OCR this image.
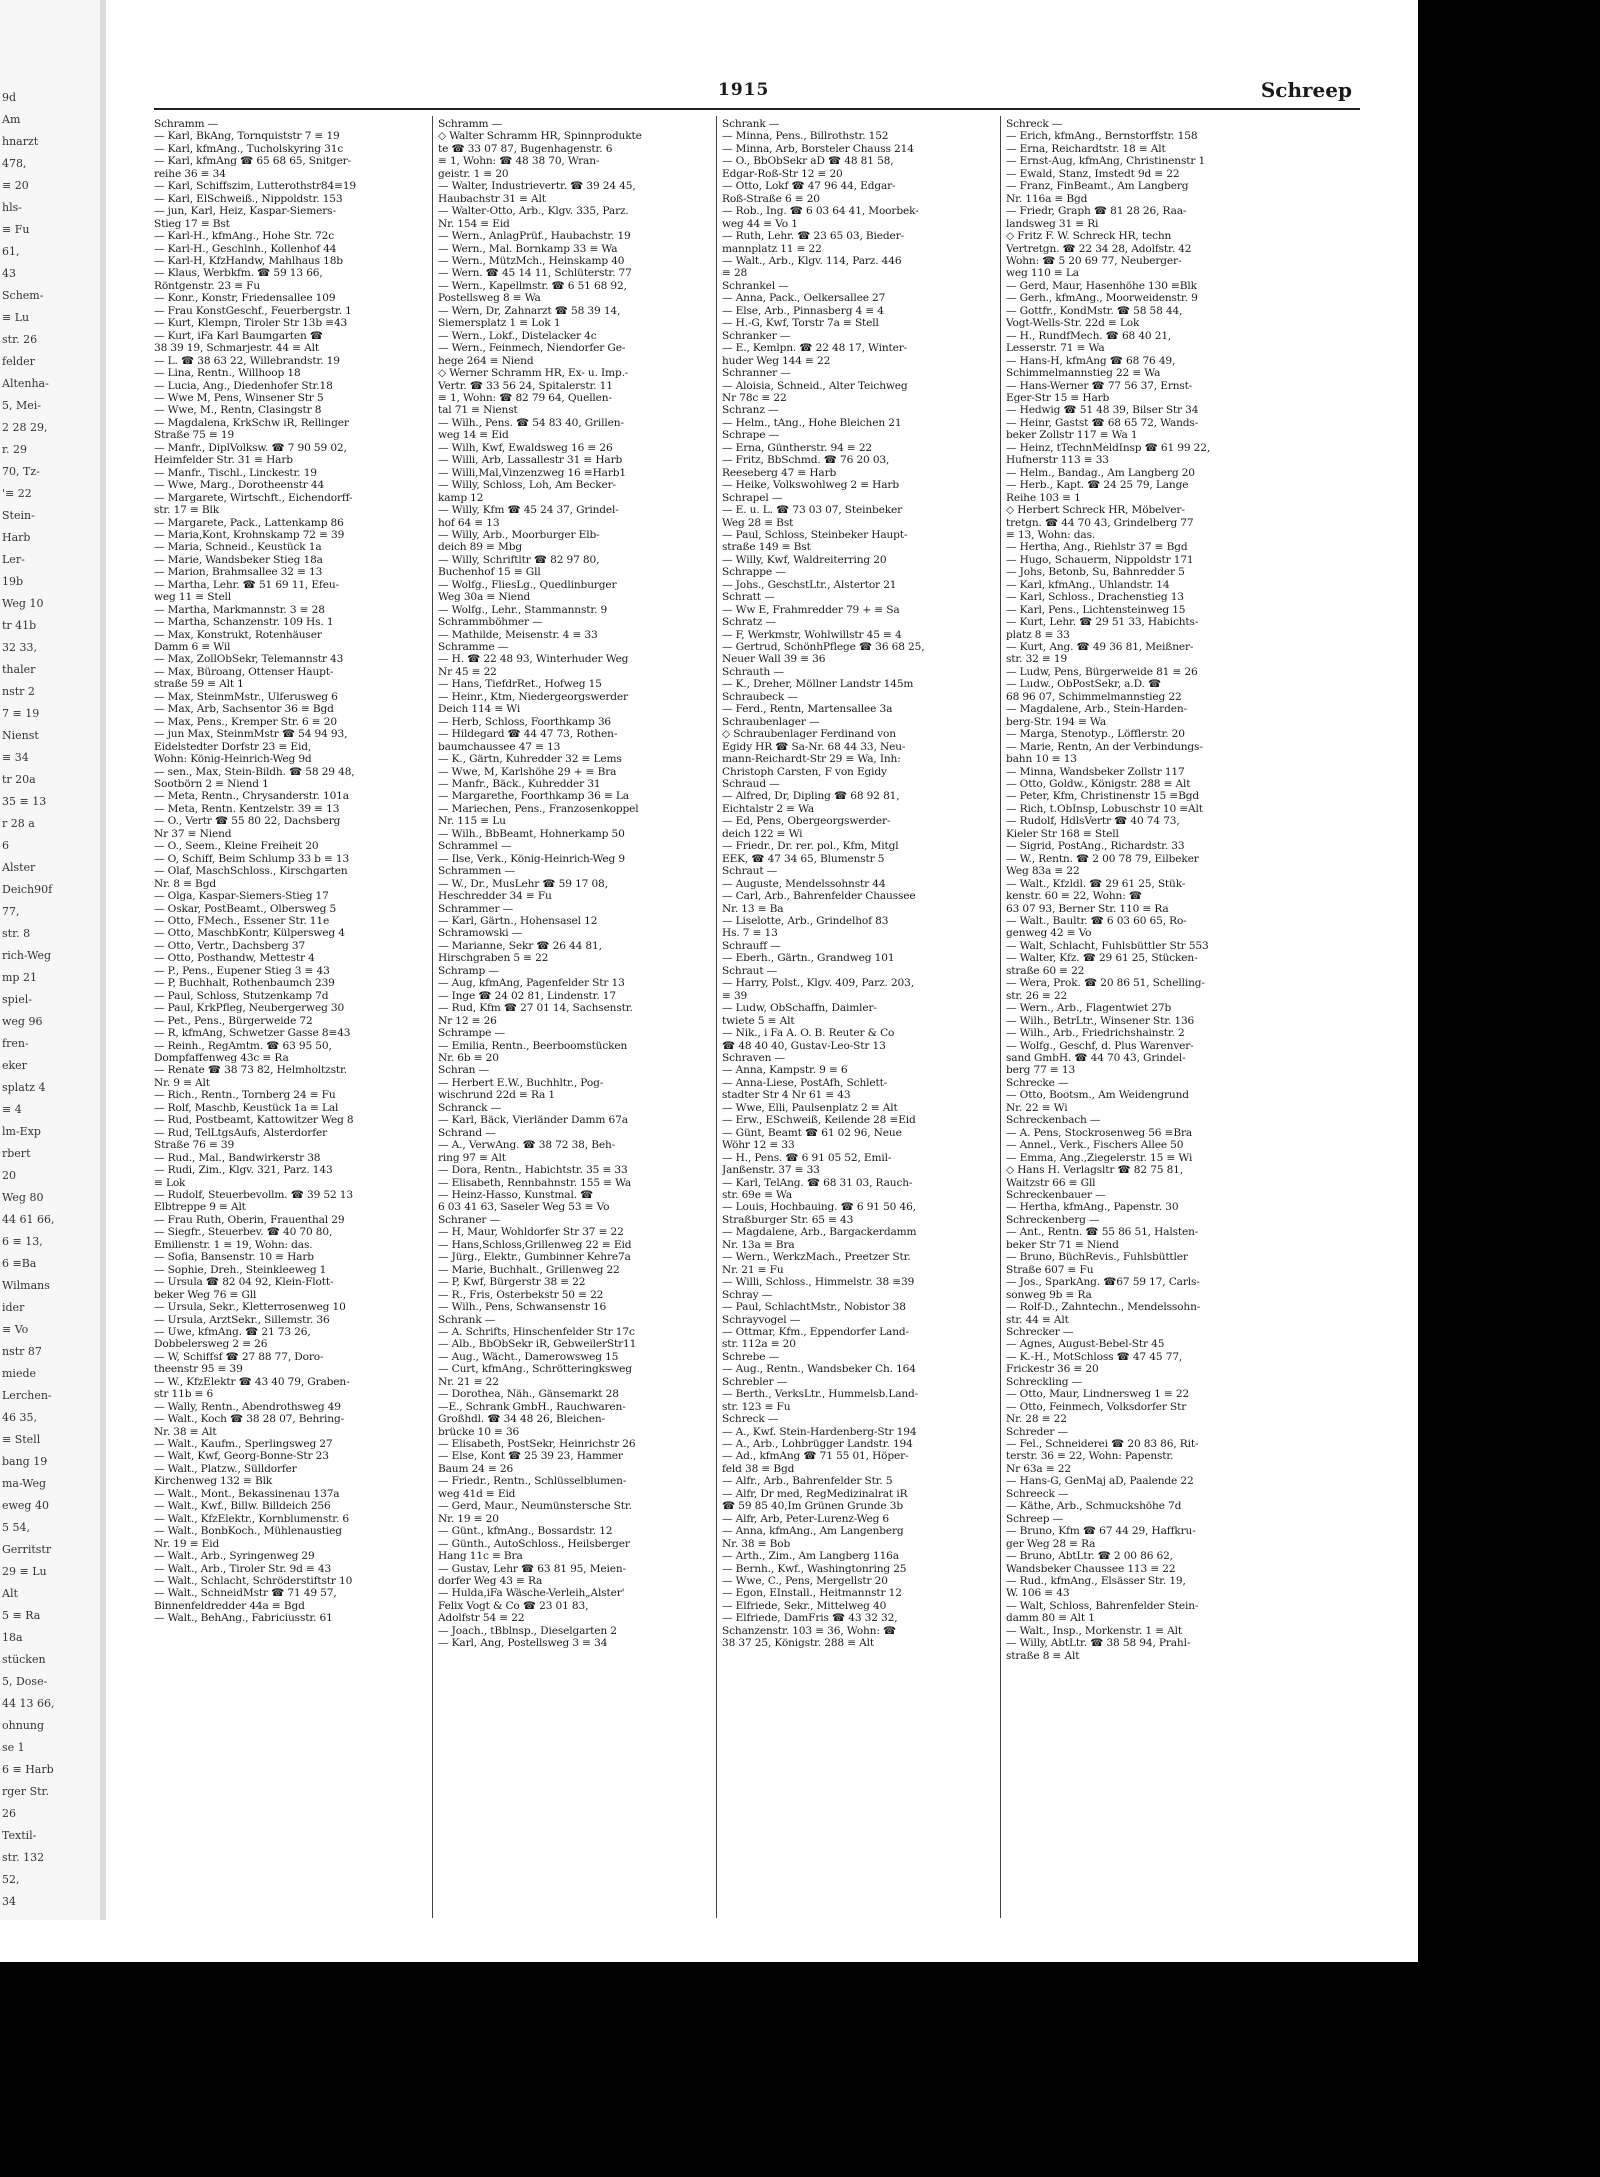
9d
Am
hnarzt
478,
≡ 20
hls-
≡ Fu
61,
43
Schem-
≡ Lu
str. 26
felder
Altenha-
5, Mei-
2 28 29,
r. 29
70, Tz-
'≡ 22
Stein-
Harb
Ler-
19b
Weg 10
tr 41b
32 33,
thaler
nstr 2
7 ≡ 19
Nienst
≡ 34
tr 20a
35 ≡ 13
r 28 a
6
Alster
Deich90f
77,
str. 8
rich-Weg
mp 21
spiel-
weg 96
fren-
eker
splatz 4
≡ 4
lm-Exp
rbert
20
Weg 80
44 61 66,
6 ≡ 13,
6 ≡Ba
Wilmans
ider
≡ Vo
nstr 87
miede
Lerchen-
46 35,
≡ Stell
bang 19
ma-Weg
eweg 40
5 54,
Gerritstr
29 ≡ Lu
Alt
5 ≡ Ra
18a
stücken
5, Dose-
44 13 66,
ohnung
se 1
6 ≡ Harb
rger Str.
26
Textil-
str. 132
52,
34
1915	Schreep
Schramm —
— Karl, BkAng, Tornquiststr 7 ≡ 19
— Karl, kfmAng., Tucholskyring 31c
— Karl, kfmAng ☎ 65 68 65, Snitger-
reihe 36 ≡ 34
— Karl, Schiffszim, Lutterothstr84≡19
— Karl, ElSchweiß., Nippoldstr. 153
— jun, Karl, Heiz, Kaspar-Siemers-
Stieg 17 ≡ Bst
— Karl-H., kfmAng., Hohe Str. 72c
— Karl-H., Geschlnh., Kollenhof 44
— Karl-H, KfzHandw, Mahlhaus 18b
— Klaus, Werbkfm. ☎ 59 13 66,
Röntgenstr. 23 ≡ Fu
— Konr., Konstr, Friedensallee 109
— Frau KonstGeschf., Feuerbergstr. 1
— Kurt, Klempn, Tiroler Str 13b ≡43
— Kurt, iFa Karl Baumgarten ☎
38 39 19, Schmarjestr. 44 ≡ Alt
— L. ☎ 38 63 22, Willebrandstr. 19
— Lina, Rentn., Willhoop 18
— Lucia, Ang., Diedenhofer Str.18
— Wwe M, Pens, Winsener Str 5
— Wwe, M., Rentn, Clasingstr 8
— Magdalena, KrkSchw iR, Rellinger
Straße 75 ≡ 19
— Manfr., DiplVolksw. ☎ 7 90 59 02,
Heimfelder Str. 31 ≡ Harb
— Manfr., Tischl., Linckestr. 19
— Wwe, Marg., Dorotheenstr 44
— Margarete, Wirtschft., Eichendorff-
str. 17 ≡ Blk
— Margarete, Pack., Lattenkamp 86
— Maria,Kont, Krohnskamp 72 ≡ 39
— Maria, Schneid., Keustück 1a
— Marie, Wandsbeker Stieg 18a
— Marion, Brahmsallee 32 ≡ 13
— Martha, Lehr. ☎ 51 69 11, Efeu-
weg 11 ≡ Stell
— Martha, Markmannstr. 3 ≡ 28
— Martha, Schanzenstr. 109 Hs. 1
— Max, Konstrukt, Rotenhäuser
Damm 6 ≡ Wil
— Max, ZollObSekr, Telemannstr 43
— Max, Büroang, Ottenser Haupt-
straße 59 ≡ Alt 1
— Max, SteinmMstr., Ulferusweg 6
— Max, Arb, Sachsentor 36 ≡ Bgd
— Max, Pens., Kremper Str. 6 ≡ 20
— jun Max, SteinmMstr ☎ 54 94 93,
Eidelstedter Dorfstr 23 ≡ Eid,
Wohn: König-Heinrich-Weg 9d
— sen., Max, Stein-Bildh. ☎ 58 29 48,
Sootbörn 2 ≡ Niend 1
— Meta, Rentn., Chrysanderstr. 101a
— Meta, Rentn. Kentzelstr. 39 ≡ 13
— O., Vertr ☎ 55 80 22, Dachsberg
Nr 37 ≡ Niend
— O., Seem., Kleine Freiheit 20
— O, Schiff, Beim Schlump 33 b ≡ 13
— Olaf, MaschSchloss., Kirschgarten
Nr. 8 ≡ Bgd
— Olga, Kaspar-Siemers-Stieg 17
— Oskar, PostBeamt., Olbersweg 5
— Otto, FMech., Essener Str. 11e
— Otto, MaschbKontr, Külpersweg 4
— Otto, Vertr., Dachsberg 37
— Otto, Posthandw, Mettestr 4
— P., Pens., Eupener Stieg 3 ≡ 43
— P, Buchhalt, Rothenbaumch 239
— Paul, Schloss, Stutzenkamp 7d
— Paul, KrkPfleg, Neubergerweg 30
— Pet., Pens., Bürgerweide 72
— R, kfmAng, Schwetzer Gasse 8≡43
— Reinh., RegAmtm. ☎ 63 95 50,
Dompfaffenweg 43c ≡ Ra
— Renate ☎ 38 73 82, Helmholtzstr.
Nr. 9 ≡ Alt
— Rich., Rentn., Tornberg 24 ≡ Fu
— Rolf, Maschb, Keustück 1a ≡ Lal
— Rud, Postbeamt, Kattowitzer Weg 8
— Rud, TelLtgsAufs, Alsterdorfer
Straße 76 ≡ 39
— Rud., Mal., Bandwirkerstr 38
— Rudi, Zim., Klgv. 321, Parz. 143
≡ Lok
— Rudolf, Steuerbevollm. ☎ 39 52 13
Elbtreppe 9 ≡ Alt
— Frau Ruth, Oberin, Frauenthal 29
— Siegfr., Steuerbev. ☎ 40 70 80,
Emilienstr. 1 ≡ 19, Wohn: das.
— Sofia, Bansenstr. 10 ≡ Harb
— Sophie, Dreh., Steinkleeweg 1
— Ursula ☎ 82 04 92, Klein-Flott-
beker Weg 76 ≡ Gll
— Ursula, Sekr., Kletterrosenweg 10
— Ursula, ArztSekr., Sillemstr. 36
— Uwe, kfmAng. ☎ 21 73 26,
Dobbelersweg 2 ≡ 26
— W, Schiffsf ☎ 27 88 77, Doro-
theenstr 95 ≡ 39
— W., KfzElektr ☎ 43 40 79, Graben-
str 11b ≡ 6
— Wally, Rentn., Abendrothsweg 49
— Walt., Koch ☎ 38 28 07, Behring-
Nr. 38 ≡ Alt
— Walt., Kaufm., Sperlingsweg 27
— Walt, Kwf, Georg-Bonne-Str 23
— Walt., Platzw., Sülldorfer
Kirchenweg 132 ≡ Blk
— Walt., Mont., Bekassinenau 137a
— Walt., Kwf., Billw. Billdeich 256
— Walt., KfzElektr., Kornblumenstr. 6
— Walt., BonbKoch., Mühlenaustieg
Nr. 19 ≡ Eid
— Walt., Arb., Syringenweg 29
— Walt., Arb., Tiroler Str. 9d ≡ 43
— Walt., Schlacht, Schröderstiftstr 10
— Walt., SchneidMstr ☎ 71 49 57,
Binnenfeldredder 44a ≡ Bgd
— Walt., BehAng., Fabriciusstr. 61
Schramm —
◇ Walter Schramm HR, Spinnprodukte
te ☎ 33 07 87, Bugenhagenstr. 6
≡ 1, Wohn: ☎ 48 38 70, Wran-
geistr. 1 ≡ 20
— Walter, Industrievertr. ☎ 39 24 45,
Haubachstr 31 ≡ Alt
— Walter-Otto, Arb., Klgv. 335, Parz.
Nr. 154 ≡ Eid
— Wern., AnlagPrüf., Haubachstr. 19
— Wern., Mal. Bornkamp 33 ≡ Wa
— Wern., MützMch., Heinskamp 40
— Wern. ☎ 45 14 11, Schlüterstr. 77
— Wern., Kapellmstr. ☎ 6 51 68 92,
Postellsweg 8 ≡ Wa
— Wern, Dr, Zahnarzt ☎ 58 39 14,
Siemersplatz 1 ≡ Lok 1
— Wern., Lokf., Distelacker 4c
— Wern., Feinmech, Niendorfer Ge-
hege 264 ≡ Niend
◇ Werner Schramm HR, Ex- u. Imp.-
Vertr. ☎ 33 56 24, Spitalerstr. 11
≡ 1, Wohn: ☎ 82 79 64, Quellen-
tal 71 ≡ Nienst
— Wilh., Pens. ☎ 54 83 40, Grillen-
weg 14 ≡ Eid
— Wilh, Kwf, Ewaldsweg 16 ≡ 26
— Willi, Arb, Lassallestr 31 ≡ Harb
— Willi,Mal,Vinzenzweg 16 ≡Harb1
— Willy, Schloss, Loh, Am Becker-
kamp 12
— Willy, Kfm ☎ 45 24 37, Grindel-
hof 64 ≡ 13
— Willy, Arb., Moorburger Elb-
deich 89 ≡ Mbg
— Willy, Schriftltr ☎ 82 97 80,
Buchenhof 15 ≡ Gll
— Wolfg., FliesLg., Quedlinburger
Weg 30a ≡ Niend
— Wolfg., Lehr., Stammannstr. 9
Schrammböhmer —
— Mathilde, Meisenstr. 4 ≡ 33
Schramme —
— H. ☎ 22 48 93, Winterhuder Weg
Nr 45 ≡ 22
— Hans, TiefdrRet., Hofweg 15
— Heinr., Ktm, Niedergeorgswerder
Deich 114 ≡ Wi
— Herb, Schloss, Foorthkamp 36
— Hildegard ☎ 44 47 73, Rothen-
baumchaussee 47 ≡ 13
— K., Gärtn, Kuhredder 32 ≡ Lems
— Wwe, M, Karlshöhe 29 + ≡ Bra
— Manfr., Bäck., Kuhredder 31
— Margarethe, Foorthkamp 36 ≡ La
— Mariechen, Pens., Franzosenkoppel
Nr. 115 ≡ Lu
— Wilh., BbBeamt, Hohnerkamp 50
Schrammel —
— Ilse, Verk., König-Heinrich-Weg 9
Schrammen —
— W., Dr., MusLehr ☎ 59 17 08,
Heschredder 34 ≡ Fu
Schrammer —
— Karl, Gärtn., Hohensasel 12
Schramowski —
— Marianne, Sekr ☎ 26 44 81,
Hirschgraben 5 ≡ 22
Schramp —
— Aug, kfmAng, Pagenfelder Str 13
— Inge ☎ 24 02 81, Lindenstr. 17
— Rud, Kfm ☎ 27 01 14, Sachsenstr.
Nr 12 ≡ 26
Schrampe —
— Emilia, Rentn., Beerboomstücken
Nr. 6b ≡ 20
Schran —
— Herbert E.W., Buchhltr., Pog-
wischrund 22d ≡ Ra 1
Schranck —
— Karl, Bäck, Vierländer Damm 67a
Schrand —
— A., VerwAng. ☎ 38 72 38, Beh-
ring 97 ≡ Alt
— Dora, Rentn., Habichtstr. 35 ≡ 33
— Elisabeth, Rennbahnstr. 155 ≡ Wa
— Heinz-Hasso, Kunstmal. ☎
6 03 41 63, Saseler Weg 53 ≡ Vo
Schraner —
— H, Maur, Wohldorfer Str 37 ≡ 22
— Hans,Schloss,Grillenweg 22 ≡ Eid
— Jürg., Elektr., Gumbinner Kehre7a
— Marie, Buchhalt., Grillenweg 22
— P, Kwf, Bürgerstr 38 ≡ 22
— R., Fris, Osterbekstr 50 ≡ 22
— Wilh., Pens, Schwansenstr 16
Schrank —
— A. Schrifts, Hinschenfelder Str 17c
— Alb., BbObSekr iR, GebweilerStr11
— Aug., Wächt., Damerowsweg 15
— Curt, kfmAng., Schrötteringksweg
Nr. 21 ≡ 22
— Dorothea, Näh., Gänsemarkt 28
—E., Schrank GmbH., Rauchwaren-
Großhdl. ☎ 34 48 26, Bleichen-
brücke 10 ≡ 36
— Elisabeth, PostSekr, Heinrichstr 26
— Else, Kont ☎ 25 39 23, Hammer
Baum 24 ≡ 26
— Friedr., Rentn., Schlüsselblumen-
weg 41d ≡ Eid
— Gerd, Maur., Neumünstersche Str.
Nr. 19 ≡ 20
— Günt., kfmAng., Bossardstr. 12
— Günth., AutoSchloss., Heilsberger
Hang 11c ≡ Bra
— Gustav, Lehr ☎ 63 81 95, Meien-
dorfer Weg 43 ≡ Ra
— Hulda,iFa Wäsche-Verleih„Alster'
Felix Vogt & Co ☎ 23 01 83,
Adolfstr 54 ≡ 22
— Joach., tBblnsp., Dieselgarten 2
— Karl, Ang, Postellsweg 3 ≡ 34
Schrank —
— Minna, Pens., Billrothstr. 152
— Minna, Arb, Borsteler Chauss 214
— O., BbObSekr aD ☎ 48 81 58,
Edgar-Roß-Str 12 ≡ 20
— Otto, Lokf ☎ 47 96 44, Edgar-
Roß-Straße 6 ≡ 20
— Rob., Ing. ☎ 6 03 64 41, Moorbek-
weg 44 ≡ Vo 1
— Ruth, Lehr. ☎ 23 65 03, Bieder-
mannplatz 11 ≡ 22
— Walt., Arb., Klgv. 114, Parz. 446
≡ 28
Schrankel —
— Anna, Pack., Oelkersallee 27
— Else, Arb., Pinnasberg 4 ≡ 4
— H.-G, Kwf, Torstr 7a ≡ Stell
Schranker —
— E., Kemlpn. ☎ 22 48 17, Winter-
huder Weg 144 ≡ 22
Schranner —
— Aloisia, Schneid., Alter Teichweg
Nr 78c ≡ 22
Schranz —
— Helm., tAng., Hohe Bleichen 21
Schrape —
— Erna, Güntherstr. 94 ≡ 22
— Fritz, BbSchmd. ☎ 76 20 03,
Reeseberg 47 ≡ Harb
— Heike, Volkswohlweg 2 ≡ Harb
Schrapel —
— E. u. L. ☎ 73 03 07, Steinbeker
Weg 28 ≡ Bst
— Paul, Schloss, Steinbeker Haupt-
straße 149 ≡ Bst
— Willy, Kwf, Waldreiterring 20
Schrappe —
— Johs., GeschstLtr., Alstertor 21
Schratt —
— Ww E, Frahmredder 79 + ≡ Sa
Schratz —
— F, Werkmstr, Wohlwillstr 45 ≡ 4
— Gertrud, SchönhPflege ☎ 36 68 25,
Neuer Wall 39 ≡ 36
Schrauth —
— K., Dreher, Möllner Landstr 145m
Schraubeck —
— Ferd., Rentn, Martensallee 3a
Schraubenlager —
◇ Schraubenlager Ferdinand von
Egidy HR ☎ Sa-Nr. 68 44 33, Neu-
mann-Reichardt-Str 29 ≡ Wa, Inh:
Christoph Carsten, F von Egidy
Schraud —
— Alfred, Dr, Dipling ☎ 68 92 81,
Eichtalstr 2 ≡ Wa
— Ed, Pens, Obergeorgswerder-
deich 122 ≡ Wi
— Friedr., Dr. rer. pol., Kfm, Mitgl
EEK, ☎ 47 34 65, Blumenstr 5
Schraut —
— Auguste, Mendelssohnstr 44
— Carl, Arb., Bahrenfelder Chaussee
Nr. 13 ≡ Ba
— Liselotte, Arb., Grindelhof 83
Hs. 7 ≡ 13
Schrauff —
— Eberh., Gärtn., Grandweg 101
Schraut —
— Harry, Polst., Klgv. 409, Parz. 203,
≡ 39
— Ludw, ObSchaffn, Daimler-
twiete 5 ≡ Alt
— Nik., i Fa A. O. B. Reuter & Co
☎ 48 40 40, Gustav-Leo-Str 13
Schraven —
— Anna, Kampstr. 9 ≡ 6
— Anna-Liese, PostAfh, Schlett-
stadter Str 4 Nr 61 ≡ 43
— Wwe, Elli, Paulsenplatz 2 ≡ Alt
— Erw., ESchweiß, Keilende 28 ≡Eid
— Günt, Beamt ☎ 61 02 96, Neue
Wöhr 12 ≡ 33
— H., Pens. ☎ 6 91 05 52, Emil-
Janßenstr. 37 ≡ 33
— Karl, TelAng. ☎ 68 31 03, Rauch-
str. 69e ≡ Wa
— Louis, Hochbauing. ☎ 6 91 50 46,
Straßburger Str. 65 ≡ 43
— Magdalene, Arb., Bargackerdamm
Nr. 13a ≡ Bra
— Wern., WerkzMach., Preetzer Str.
Nr. 21 ≡ Fu
— Willi, Schloss., Himmelstr. 38 ≡39
Schray —
— Paul, SchlachtMstr., Nobistor 38
Schrayvogel —
— Ottmar, Kfm., Eppendorfer Land-
str. 112a ≡ 20
Schrebe —
— Aug., Rentn., Wandsbeker Ch. 164
Schrebler —
— Berth., VerksLtr., Hummelsb.Land-
str. 123 ≡ Fu
Schreck —
— A., Kwf. Stein-Hardenberg-Str 194
— A., Arb., Lohbrügger Landstr. 194
— Ad., kfmAng ☎ 71 55 01, Höper-
feld 38 ≡ Bgd
— Alfr., Arb., Bahrenfelder Str. 5
— Alfr, Dr med, RegMedizinalrat iR
☎ 59 85 40,Im Grünen Grunde 3b
— Alfr, Arb, Peter-Lurenz-Weg 6
— Anna, kfmAng., Am Langenberg
Nr. 38 ≡ Bob
— Arth., Zim., Am Langberg 116a
— Bernh., Kwf., Washingtonring 25
— Wwe, C., Pens, Mergellstr 20
— Egon, EInstall., Heitmannstr 12
— Elfriede, Sekr., Mittelweg 40
— Elfriede, DamFris ☎ 43 32 32,
Schanzenstr. 103 ≡ 36, Wohn: ☎
38 37 25, Königstr. 288 ≡ Alt
Schreck —
— Erich, kfmAng., Bernstorffstr. 158
— Erna, Reichardtstr. 18 ≡ Alt
— Ernst-Aug, kfmAng, Christinenstr 1
— Ewald, Stanz, Imstedt 9d ≡ 22
— Franz, FinBeamt., Am Langberg
Nr. 116a ≡ Bgd
— Friedr, Graph ☎ 81 28 26, Raa-
landsweg 31 ≡ Ri
◇ Fritz F. W. Schreck HR, techn
Vertretgn. ☎ 22 34 28, Adolfstr. 42
Wohn: ☎ 5 20 69 77, Neuberger-
weg 110 ≡ La
— Gerd, Maur, Hasenhöhe 130 ≡Blk
— Gerh., kfmAng., Moorweidenstr. 9
— Gottfr., KondMstr. ☎ 58 58 44,
Vogt-Wells-Str. 22d ≡ Lok
— H., RundfMech. ☎ 68 40 21,
Lesserstr. 71 ≡ Wa
— Hans-H, kfmAng ☎ 68 76 49,
Schimmelmannstieg 22 ≡ Wa
— Hans-Werner ☎ 77 56 37, Ernst-
Eger-Str 15 ≡ Harb
— Hedwig ☎ 51 48 39, Bilser Str 34
— Heinr, Gastst ☎ 68 65 72, Wands-
beker Zollstr 117 ≡ Wa 1
— Heinz, tTechnMeldInsp ☎ 61 99 22,
Hufnerstr 113 ≡ 33
— Helm., Bandag., Am Langberg 20
— Herb., Kapt. ☎ 24 25 79, Lange
Reihe 103 ≡ 1
◇ Herbert Schreck HR, Möbelver-
tretgn. ☎ 44 70 43, Grindelberg 77
≡ 13, Wohn: das.
— Hertha, Ang., Riehlstr 37 ≡ Bgd
— Hugo, Schauerm, Nippoldstr 171
— Johs, Betonb, Su, Bahnredder 5
— Karl, kfmAng., Uhlandstr. 14
— Karl, Schloss., Drachenstieg 13
— Karl, Pens., Lichtensteinweg 15
— Kurt, Lehr. ☎ 29 51 33, Habichts-
platz 8 ≡ 33
— Kurt, Ang. ☎ 49 36 81, Meißner-
str. 32 ≡ 19
— Ludw, Pens, Bürgerweide 81 ≡ 26
— Ludw., ObPostSekr, a.D. ☎
68 96 07, Schimmelmannstieg 22
— Magdalene, Arb., Stein-Harden-
berg-Str. 194 ≡ Wa
— Marga, Stenotyp., Löfflerstr. 20
— Marie, Rentn, An der Verbindungs-
bahn 10 ≡ 13
— Minna, Wandsbeker Zollstr 117
— Otto, Goldw., Königstr. 288 ≡ Alt
— Peter, Kfm, Christinenstr 15 ≡Bgd
— Rich, t.ObInsp, Lobuschstr 10 ≡Alt
— Rudolf, HdlsVertr ☎ 40 74 73,
Kieler Str 168 ≡ Stell
— Sigrid, PostAng., Richardstr. 33
— W., Rentn. ☎ 2 00 78 79, Eilbeker
Weg 83a ≡ 22
— Walt., Kfzldl. ☎ 29 61 25, Stük-
kenstr. 60 ≡ 22, Wohn: ☎
63 07 93, Berner Str. 110 ≡ Ra
— Walt., Baultr. ☎ 6 03 60 65, Ro-
genweg 42 ≡ Vo
— Walt, Schlacht, Fuhlsbüttler Str 553
— Walter, Kfz. ☎ 29 61 25, Stücken-
straße 60 ≡ 22
— Wera, Prok. ☎ 20 86 51, Schelling-
str. 26 ≡ 22
— Wern., Arb., Flagentwiet 27b
— Wilh., BetrLtr., Winsener Str. 136
— Wilh., Arb., Friedrichshainstr. 2
— Wolfg., Geschf, d. Plus Warenver-
sand GmbH. ☎ 44 70 43, Grindel-
berg 77 ≡ 13
Schrecke —
— Otto, Bootsm., Am Weidengrund
Nr. 22 ≡ Wi
Schreckenbach —
— A. Pens, Stockrosenweg 56 ≡Bra
— Annel., Verk., Fischers Allee 50
— Emma, Ang.,Ziegelerstr. 15 ≡ Wi
◇ Hans H. Verlagsltr ☎ 82 75 81,
Waitzstr 66 ≡ Gll
Schreckenbauer —
— Hertha, kfmAng., Papenstr. 30
Schreckenberg —
— Ant., Rentn. ☎ 55 86 51, Halsten-
beker Str 71 ≡ Niend
— Bruno, BüchRevis., Fuhlsbüttler
Straße 607 ≡ Fu
— Jos., SparkAng. ☎67 59 17, Carls-
sonweg 9b ≡ Ra
— Rolf-D., Zahntechn., Mendelssohn-
str. 44 ≡ Alt
Schrecker —
— Agnes, August-Bebel-Str 45
— K.-H., MotSchloss ☎ 47 45 77,
Frickestr 36 ≡ 20
Schreckling —
— Otto, Maur, Lindnersweg 1 ≡ 22
— Otto, Feinmech, Volksdorfer Str
Nr. 28 ≡ 22
Schreder —
— Fel., Schneiderei ☎ 20 83 86, Rit-
terstr. 36 ≡ 22, Wohn: Papenstr.
Nr 63a ≡ 22
— Hans-G, GenMaj aD, Paalende 22
Schreeck —
— Käthe, Arb., Schmuckshöhe 7d
Schreep —
— Bruno, Kfm ☎ 67 44 29, Haffkru-
ger Weg 28 ≡ Ra
— Bruno, AbtLtr. ☎ 2 00 86 62,
Wandsbeker Chaussee 113 ≡ 22
— Rud., kfmAng., Elsässer Str. 19,
W. 106 ≡ 43
— Walt, Schloss, Bahrenfelder Stein-
damm 80 ≡ Alt 1
— Walt., Insp., Morkenstr. 1 ≡ Alt
— Willy, AbtLtr. ☎ 38 58 94, Prahl-
straße 8 ≡ Alt
